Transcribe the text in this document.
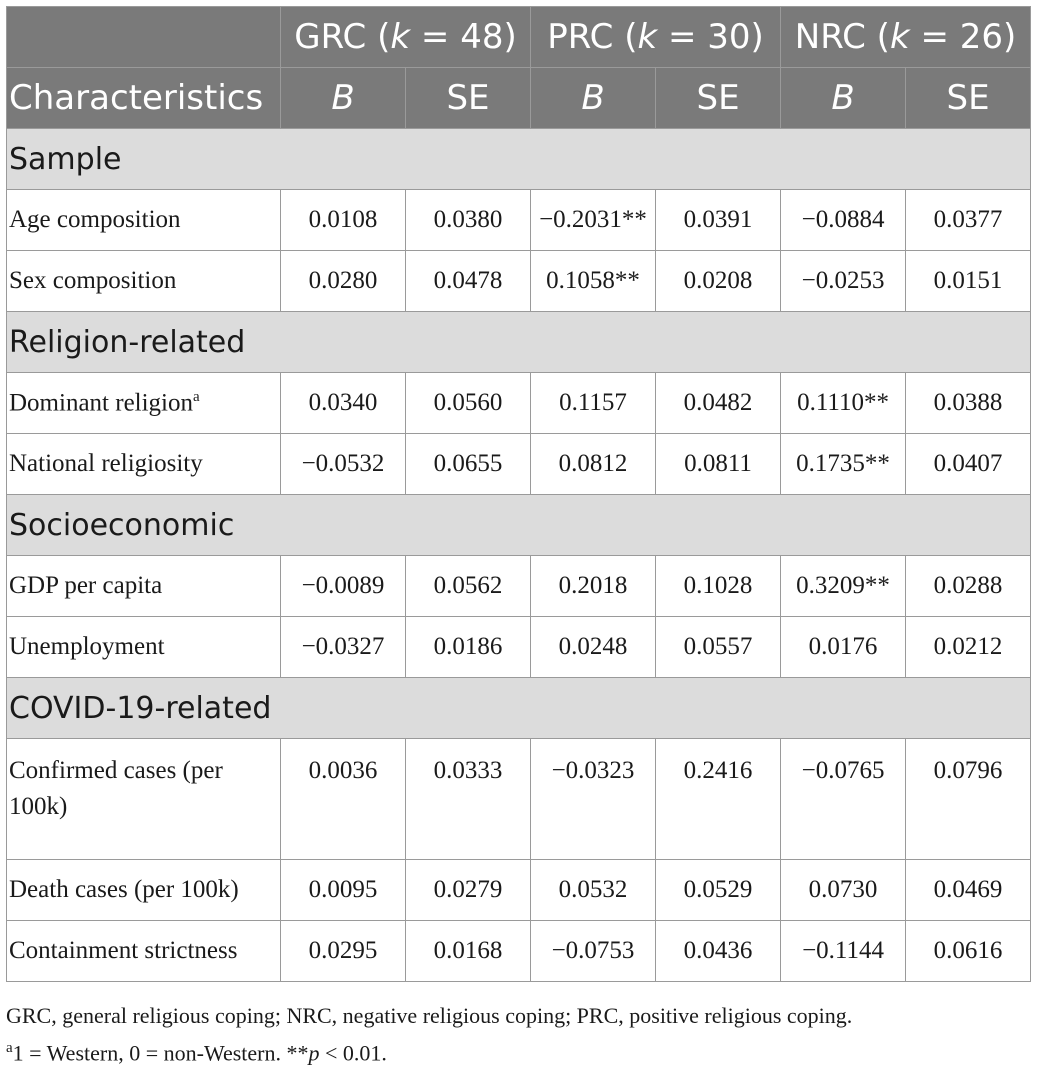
	GRC (k = 48)		PRC (k = 30)		NRC (k = 26)	
Characteristics	B	SE	B	SE	B	SE
Sample						
Age composition	0.0108	0.0380	−0.2031**	0.0391	−0.0884	0.0377
Sex composition	0.0280	0.0478	0.1058**	0.0208	−0.0253	0.0151
Religion-related						
Dominant religion$^a$	0.0340	0.0560	0.1157	0.0482	0.1110**	0.0388
National religiosity	−0.0532	0.0655	0.0812	0.0811	0.1735**	0.0407
Socioeconomic						
GDP per capita	−0.0089	0.0562	0.2018	0.1028	0.3209**	0.0288
Unemployment	−0.0327	0.0186	0.0248	0.0557	0.0176	0.0212
COVID-19-related						
Confirmed cases (per 100k)	0.0036	0.0333	−0.0323	0.2416	−0.0765	0.0796
Death cases (per 100k)	0.0095	0.0279	0.0532	0.0529	0.0730	0.0469
Containment strictness	0.0295	0.0168	−0.0753	0.0436	−0.1144	0.0616
GRC, general religious coping; NRC, negative religious coping; PRC, positive religious coping.
$^a$1 = Western, 0 = non-Western. **p < 0.01.
